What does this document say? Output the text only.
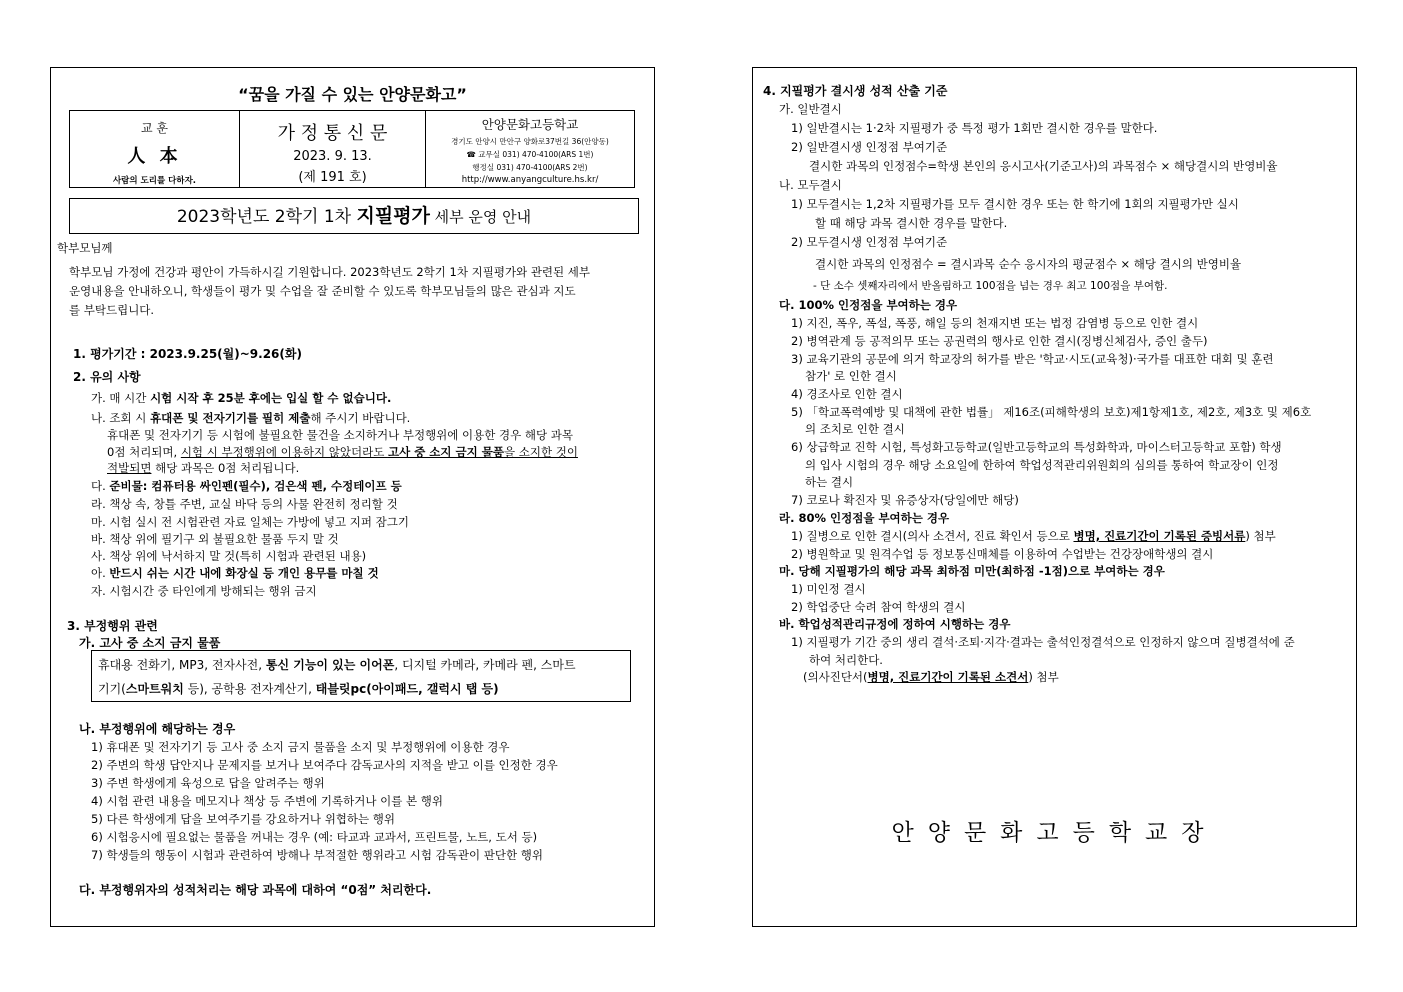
“꿈을 가질 수 있는 안양문화고”
교 훈
人 本
사람의 도리를 다하자.
가 정 통 신 문
2023. 9. 13.
(제 191 호)
안양문화고등학교
경기도 안양시 만안구 양화로37번길 36(안양동)
☎ 교무실 031) 470-4100(ARS 1번)
행정실 031) 470-4100(ARS 2번)
http://www.anyangculture.hs.kr/
2023학년도 2학기 1차 지필평가 세부 운영 안내
학부모님께
학부모님 가정에 건강과 평안이 가득하시길 기원합니다. 2023학년도 2학기 1차 지필평가와 관련된 세부
운영내용을 안내하오니, 학생들이 평가 및 수업을 잘 준비할 수 있도록 학부모님들의 많은 관심과 지도
를 부탁드립니다.
1. 평가기간 : 2023.9.25(월)~9.26(화)
2. 유의 사항
가. 매 시간 시험 시작 후 25분 후에는 입실 할 수 없습니다.
나. 조회 시 휴대폰 및 전자기기를 필히 제출해 주시기 바랍니다.
휴대폰 및 전자기기 등 시험에 불필요한 물건을 소지하거나 부정행위에 이용한 경우 해당 과목
0점 처리되며, 시험 시 부정행위에 이용하지 않았더라도 고사 중 소지 금지 물품을 소지한 것이
적발되면 해당 과목은 0점 처리됩니다.
다. 준비물: 컴퓨터용 싸인펜(필수), 검은색 펜, 수정테이프 등
라. 책상 속, 창틀 주변, 교실 바닥 등의 사물 완전히 정리할 것
마. 시험 실시 전 시험관련 자료 일체는 가방에 넣고 지퍼 잠그기
바. 책상 위에 필기구 외 불필요한 물품 두지 말 것
사. 책상 위에 낙서하지 말 것(특히 시험과 관련된 내용)
아. 반드시 쉬는 시간 내에 화장실 등 개인 용무를 마칠 것
자. 시험시간 중 타인에게 방해되는 행위 금지
3. 부정행위 관련
가. 고사 중 소지 금지 물품
휴대용 전화기, MP3, 전자사전, 통신 기능이 있는 이어폰, 디지털 카메라, 카메라 펜, 스마트
기기(스마트워치 등), 공학용 전자계산기, 태블릿pc(아이패드, 갤럭시 탭 등)
나. 부정행위에 해당하는 경우
1) 휴대폰 및 전자기기 등 고사 중 소지 금지 물품을 소지 및 부정행위에 이용한 경우
2) 주변의 학생 답안지나 문제지를 보거나 보여주다 감독교사의 지적을 받고 이를 인정한 경우
3) 주변 학생에게 육성으로 답을 알려주는 행위
4) 시험 관련 내용을 메모지나 책상 등 주변에 기록하거나 이를 본 행위
5) 다른 학생에게 답을 보여주기를 강요하거나 위협하는 행위
6) 시험응시에 필요없는 물품을 꺼내는 경우 (예: 타교과 교과서, 프린트물, 노트, 도서 등)
7) 학생들의 행동이 시험과 관련하여 방해나 부적절한 행위라고 시험 감독관이 판단한 행위
다. 부정행위자의 성적처리는 해당 과목에 대하여 “0점” 처리한다.
4. 지필평가 결시생 성적 산출 기준
가. 일반결시
1) 일반결시는 1·2차 지필평가 중 특정 평가 1회만 결시한 경우를 말한다.
2) 일반결시생 인정점 부여기준
결시한 과목의 인정점수=학생 본인의 응시고사(기준고사)의 과목점수 × 해당결시의 반영비율
나. 모두결시
1) 모두결시는 1,2차 지필평가를 모두 결시한 경우 또는 한 학기에 1회의 지필평가만 실시
할 때 해당 과목 결시한 경우를 말한다.
2) 모두결시생 인정점 부여기준
결시한 과목의 인정점수 = 결시과목 순수 응시자의 평균점수 × 해당 결시의 반영비율
- 단 소수 셋째자리에서 반올림하고 100점을 넘는 경우 최고 100점을 부여함.
다. 100% 인정점을 부여하는 경우
1) 지진, 폭우, 폭설, 폭풍, 해일 등의 천재지변 또는 법정 감염병 등으로 인한 결시
2) 병역관계 등 공적의무 또는 공권력의 행사로 인한 결시(징병신체검사, 증인 출두)
3) 교육기관의 공문에 의거 학교장의 허가를 받은 '학교·시도(교육청)·국가를 대표한 대회 및 훈련
참가' 로 인한 결시
4) 경조사로 인한 결시
5) 「학교폭력예방 및 대책에 관한 법률」 제16조(피해학생의 보호)제1항제1호, 제2호, 제3호 및 제6호
의 조치로 인한 결시
6) 상급학교 진학 시험, 특성화고등학교(일반고등학교의 특성화학과, 마이스터고등학교 포함) 학생
의 입사 시험의 경우 해당 소요일에 한하여 학업성적관리위원회의 심의를 통하여 학교장이 인정
하는 결시
7) 코로나 확진자 및 유증상자(당일에만 해당)
라. 80% 인정점을 부여하는 경우
1) 질병으로 인한 결시(의사 소견서, 진료 확인서 등으로 병명, 진료기간이 기록된 증빙서류) 첨부
2) 병원학교 및 원격수업 등 정보통신매체를 이용하여 수업받는 건강장애학생의 결시
마. 당해 지필평가의 해당 과목 최하점 미만(최하점 -1점)으로 부여하는 경우
1) 미인정 결시
2) 학업중단 숙려 참여 학생의 결시
바. 학업성적관리규정에 정하여 시행하는 경우
1) 지필평가 기간 중의 생리 결석·조퇴·지각·결과는 출석인정결석으로 인정하지 않으며 질병결석에 준
하여 처리한다.
(의사진단서(병명, 진료기간이 기록된 소견서) 첨부
안양문화고등학교장
